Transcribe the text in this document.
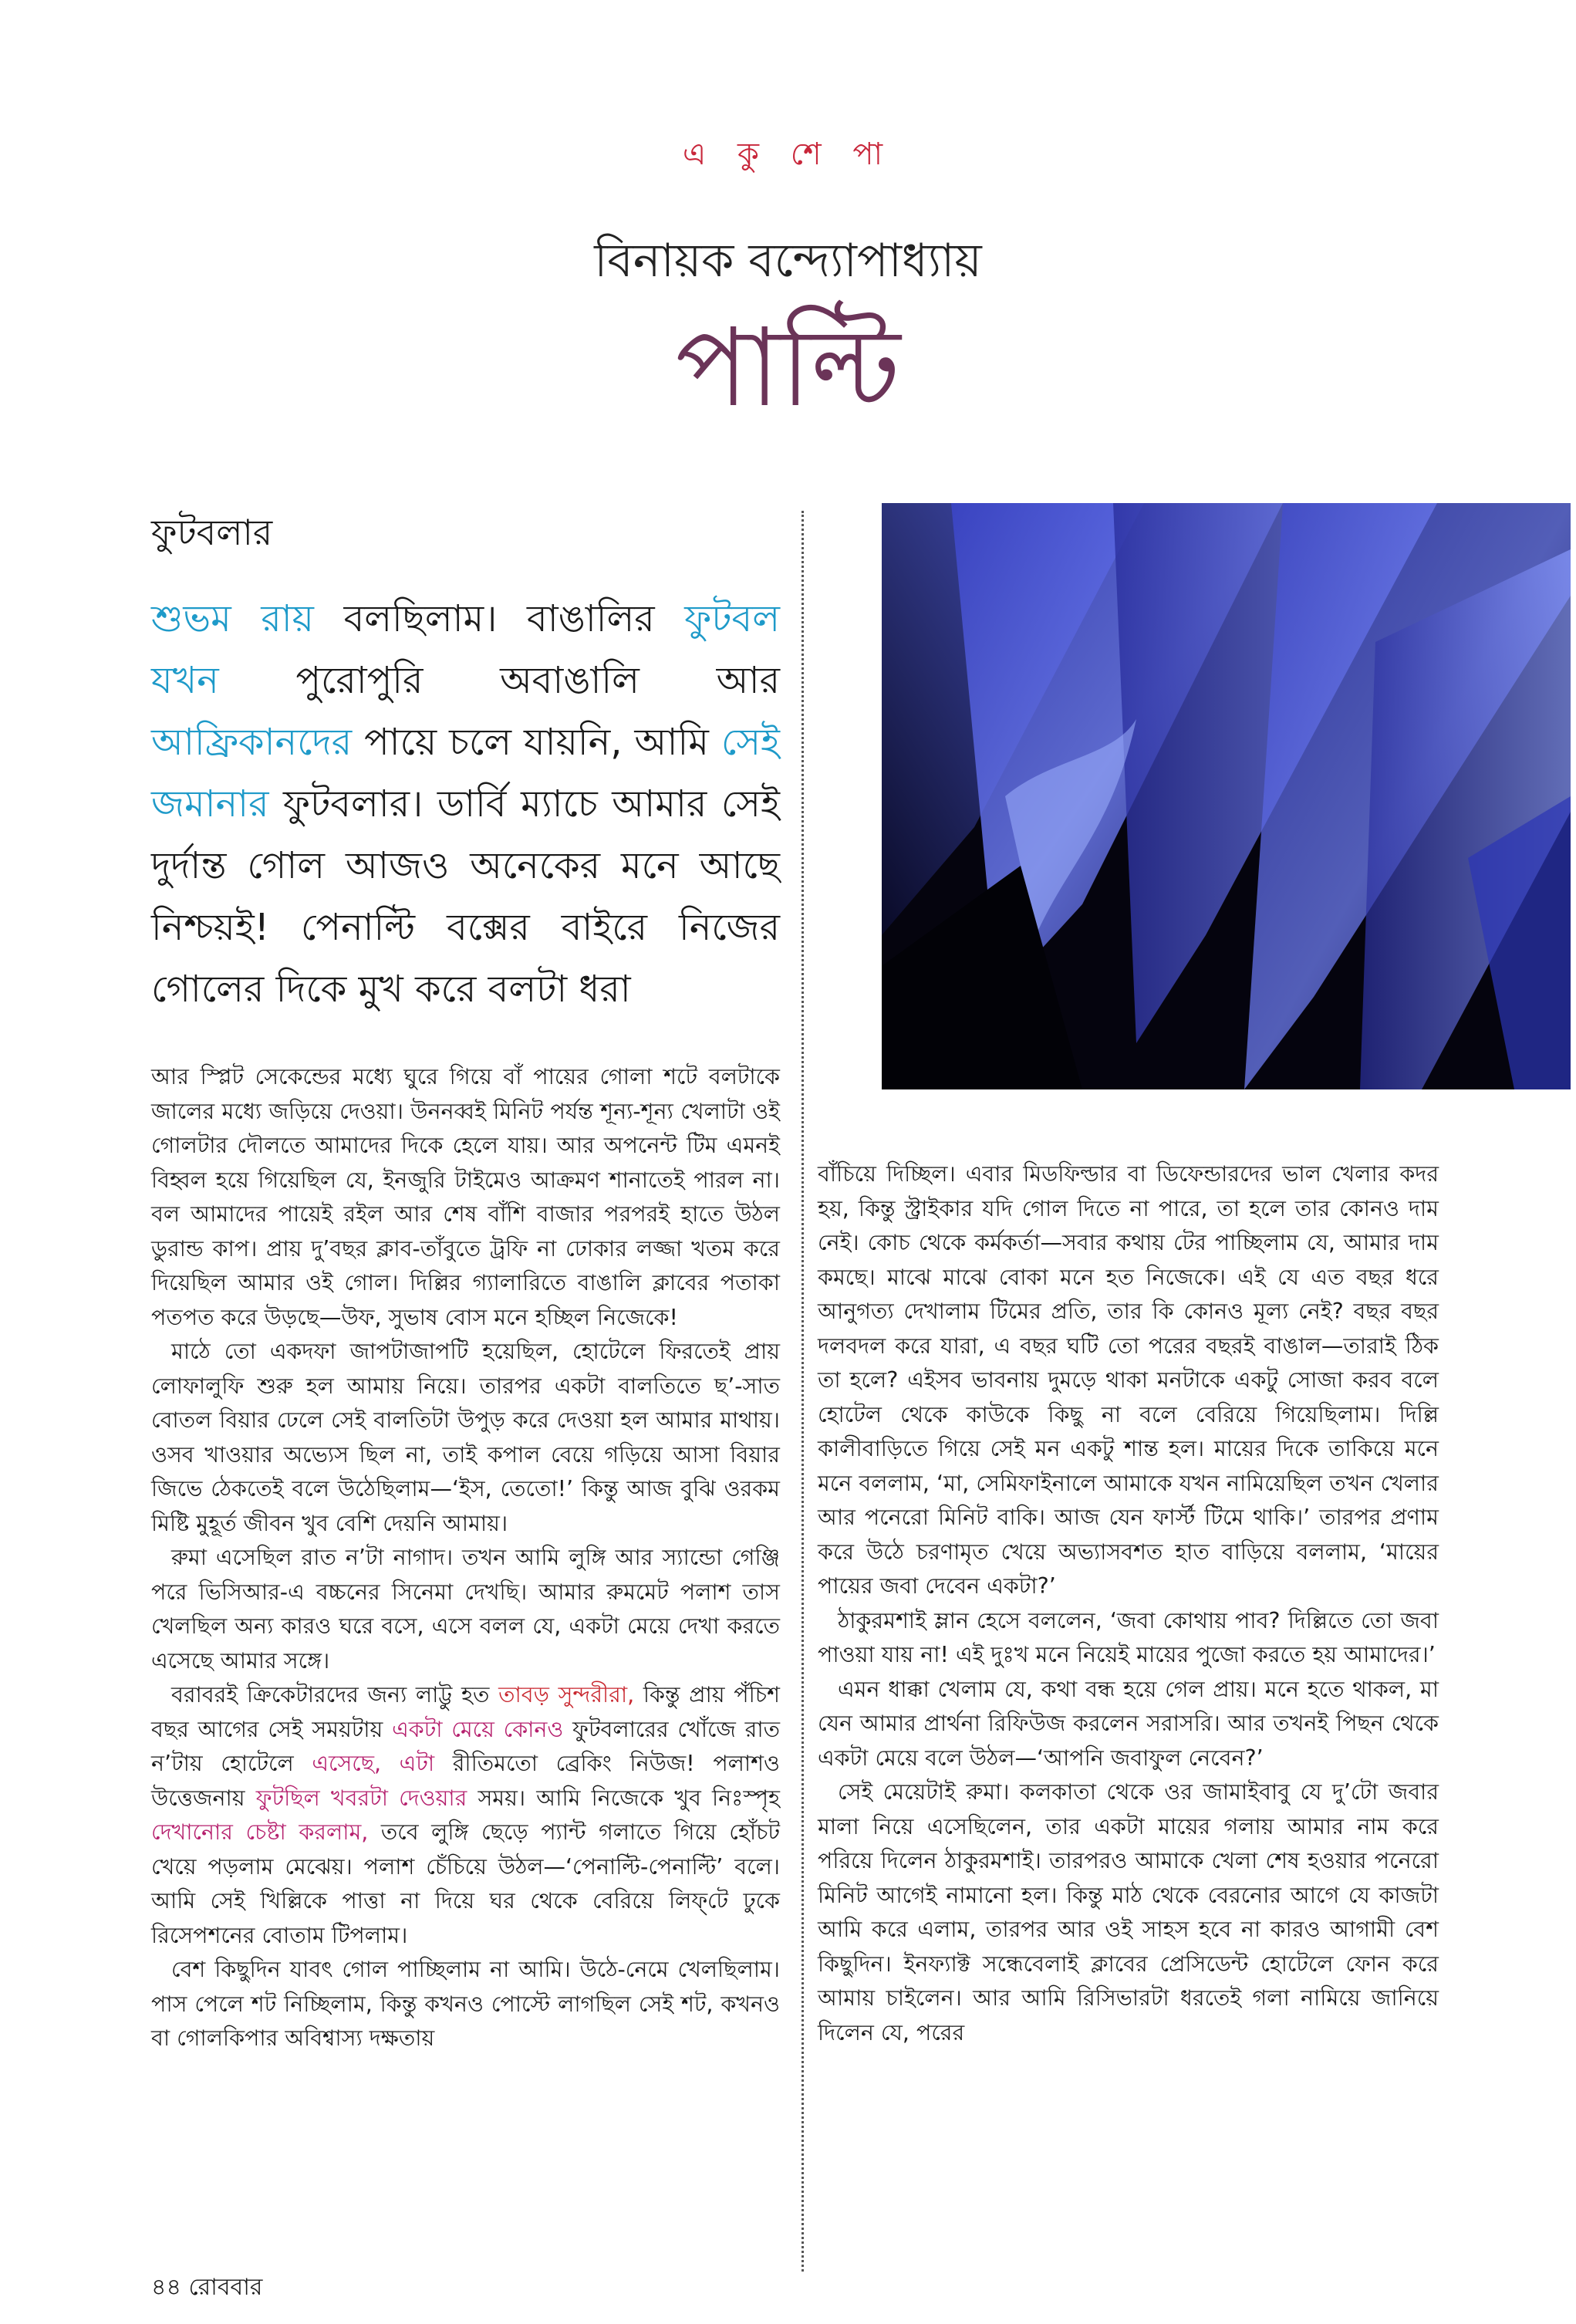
এ কু শে পা
বিনায়ক বন্দ্যোপাধ্যায়
পাল্টি
ফুটবলার

শুভম রায় বলছিলাম। বাঙালির ফুটবল যখন পুরোপুরি অবাঙালি আর আফ্রিকানদের পায়ে চলে যায়নি, আমি সেই জমানার ফুটবলার। ডার্বি ম্যাচে আমার সেই দুর্দান্ত গোল আজও অনেকের মনে আছে নিশ্চয়ই! পেনাল্টি বক্সের বাইরে নিজের গোলের দিকে মুখ করে বলটা ধরা

আর স্প্লিট সেকেন্ডের মধ্যে ঘুরে গিয়ে বাঁ পায়ের গোলা শটে বলটাকে জালের মধ্যে জড়িয়ে দেওয়া। উননব্বই মিনিট পর্যন্ত শূন্য-শূন্য খেলাটা ওই গোলটার দৌলতে আমাদের দিকে হেলে যায়। আর অপনেন্ট টিম এমনই বিহ্বল হয়ে গিয়েছিল যে, ইনজুরি টাইমেও আক্রমণ শানাতেই পারল না। বল আমাদের পায়েই রইল আর শেষ বাঁশি বাজার পরপরই হাতে উঠল ডুরান্ড কাপ। প্রায় দু’বছর ক্লাব-তাঁবুতে ট্রফি না ঢোকার লজ্জা খতম করে দিয়েছিল আমার ওই গোল। দিল্লির গ্যালারিতে বাঙালি ক্লাবের পতাকা পতপত করে উড়ছে—উফ, সুভাষ বোস মনে হচ্ছিল নিজেকে!

মাঠে তো একদফা জাপটাজাপটি হয়েছিল, হোটেলে ফিরতেই প্রায় লোফালুফি শুরু হল আমায় নিয়ে। তারপর একটা বালতিতে ছ’-সাত বোতল বিয়ার ঢেলে সেই বালতিটা উপুড় করে দেওয়া হল আমার মাথায়। ওসব খাওয়ার অভ্যেস ছিল না, তাই কপাল বেয়ে গড়িয়ে আসা বিয়ার জিভে ঠেকতেই বলে উঠেছিলাম—‘ইস, তেতো!’ কিন্তু আজ বুঝি ওরকম মিষ্টি মুহূর্ত জীবন খুব বেশি দেয়নি আমায়।

রুমা এসেছিল রাত ন’টা নাগাদ। তখন আমি লুঙ্গি আর স্যান্ডো গেঞ্জি পরে ভিসিআর-এ বচ্চনের সিনেমা দেখছি। আমার রুমমেট পলাশ তাস খেলছিল অন্য কারও ঘরে বসে, এসে বলল যে, একটা মেয়ে দেখা করতে এসেছে আমার সঙ্গে।

বরাবরই ক্রিকেটারদের জন্য লাট্টু হত তাবড় সুন্দরীরা, কিন্তু প্রায় পঁচিশ বছর আগের সেই সময়টায় একটা মেয়ে কোনও ফুটবলারের খোঁজে রাত ন’টায় হোটেলে এসেছে, এটা রীতিমতো ব্রেকিং নিউজ! পলাশও উত্তেজনায় ফুটছিল খবরটা দেওয়ার সময়। আমি নিজেকে খুব নিঃস্পৃহ দেখানোর চেষ্টা করলাম, তবে লুঙ্গি ছেড়ে প্যান্ট গলাতে গিয়ে হোঁচট খেয়ে পড়লাম মেঝেয়। পলাশ চেঁচিয়ে উঠল—‘পেনাল্টি-পেনাল্টি’ বলে। আমি সেই খিল্লিকে পাত্তা না দিয়ে ঘর থেকে বেরিয়ে লিফ্‌টে ঢুকে রিসেপশনের বোতাম টিপলাম।

বেশ কিছুদিন যাবৎ গোল পাচ্ছিলাম না আমি। উঠে-নেমে খেলছিলাম। পাস পেলে শট নিচ্ছিলাম, কিন্তু কখনও পোস্টে লাগছিল সেই শট, কখনও বা গোলকিপার অবিশ্বাস্য দক্ষতায়

বাঁচিয়ে দিচ্ছিল। এবার মিডফিল্ডার বা ডিফেন্ডারদের ভাল খেলার কদর হয়, কিন্তু স্ট্রাইকার যদি গোল দিতে না পারে, তা হলে তার কোনও দাম নেই। কোচ থেকে কর্মকর্তা—সবার কথায় টের পাচ্ছিলাম যে, আমার দাম কমছে। মাঝে মাঝে বোকা মনে হত নিজেকে। এই যে এত বছর ধরে আনুগত্য দেখালাম টিমের প্রতি, তার কি কোনও মূল্য নেই? বছর বছর দলবদল করে যারা, এ বছর ঘটি তো পরের বছরই বাঙাল—তারাই ঠিক তা হলে? এইসব ভাবনায় দুমড়ে থাকা মনটাকে একটু সোজা করব বলে হোটেল থেকে কাউকে কিছু না বলে বেরিয়ে গিয়েছিলাম। দিল্লি কালীবাড়িতে গিয়ে সেই মন একটু শান্ত হল। মায়ের দিকে তাকিয়ে মনে মনে বললাম, ‘মা, সেমিফাইনালে আমাকে যখন নামিয়েছিল তখন খেলার আর পনেরো মিনিট বাকি। আজ যেন ফার্স্ট টিমে থাকি।’ তারপর প্রণাম করে উঠে চরণামৃত খেয়ে অভ্যাসবশত হাত বাড়িয়ে বললাম, ‘মায়ের পায়ের জবা দেবেন একটা?’

ঠাকুরমশাই ম্লান হেসে বললেন, ‘জবা কোথায় পাব? দিল্লিতে তো জবা পাওয়া যায় না! এই দুঃখ মনে নিয়েই মায়ের পুজো করতে হয় আমাদের।’

এমন ধাক্কা খেলাম যে, কথা বন্ধ হয়ে গেল প্রায়। মনে হতে থাকল, মা যেন আমার প্রার্থনা রিফিউজ করলেন সরাসরি। আর তখনই পিছন থেকে একটা মেয়ে বলে উঠল—‘আপনি জবাফুল নেবেন?’

সেই মেয়েটাই রুমা। কলকাতা থেকে ওর জামাইবাবু যে দু’টো জবার মালা নিয়ে এসেছিলেন, তার একটা মায়ের গলায় আমার নাম করে পরিয়ে দিলেন ঠাকুরমশাই। তারপরও আমাকে খেলা শেষ হওয়ার পনেরো মিনিট আগেই নামানো হল। কিন্তু মাঠ থেকে বেরনোর আগে যে কাজটা আমি করে এলাম, তারপর আর ওই সাহস হবে না কারও আগামী বেশ কিছুদিন। ইনফ্যাক্ট সন্ধেবেলাই ক্লাবের প্রেসিডেন্ট হোটেলে ফোন করে আমায় চাইলেন। আর আমি রিসিভারটা ধরতেই গলা নামিয়ে জানিয়ে দিলেন যে, পরের

৪৪ রোববার
